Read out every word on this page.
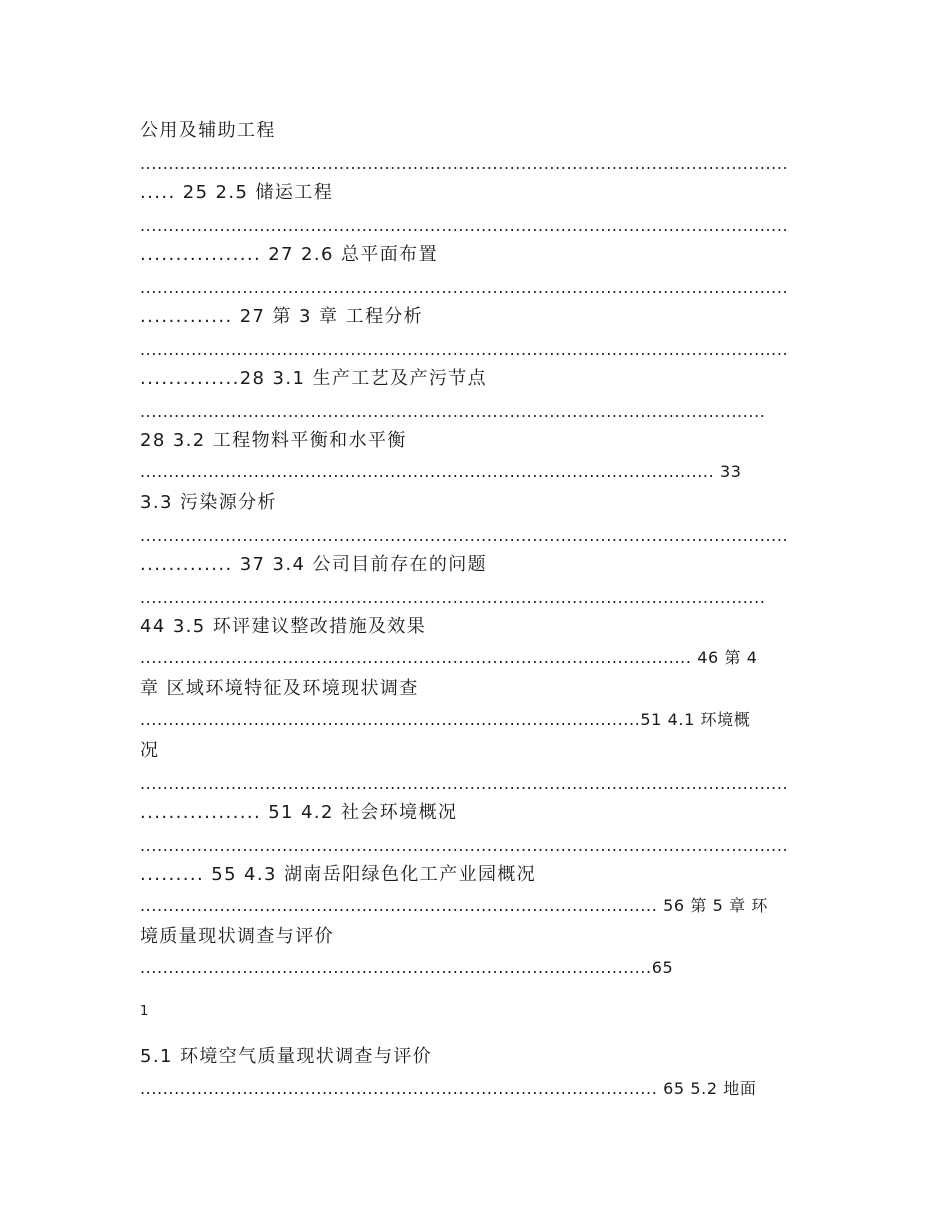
公用及辅助工程
..................................................................................................................
..... 25 2.5 储运工程
..................................................................................................................
................. 27 2.6 总平面布置
..................................................................................................................
............. 27 第 3 章 工程分析
..................................................................................................................
..............28 3.1 生产工艺及产污节点
..............................................................................................................
28 3.2 工程物料平衡和水平衡
..................................................................................................... 33
3.3 污染源分析
..................................................................................................................
............. 37 3.4 公司目前存在的问题
..............................................................................................................
44 3.5 环评建议整改措施及效果
................................................................................................. 46 第 4
章 区域环境特征及环境现状调查
........................................................................................51 4.1 环境概
况
..................................................................................................................
................. 51 4.2 社会环境概况
..................................................................................................................
......... 55 4.3 湖南岳阳绿色化工产业园概况
........................................................................................... 56 第 5 章 环
境质量现状调查与评价
..........................................................................................65
1
5.1 环境空气质量现状调查与评价
........................................................................................... 65 5.2 地面
